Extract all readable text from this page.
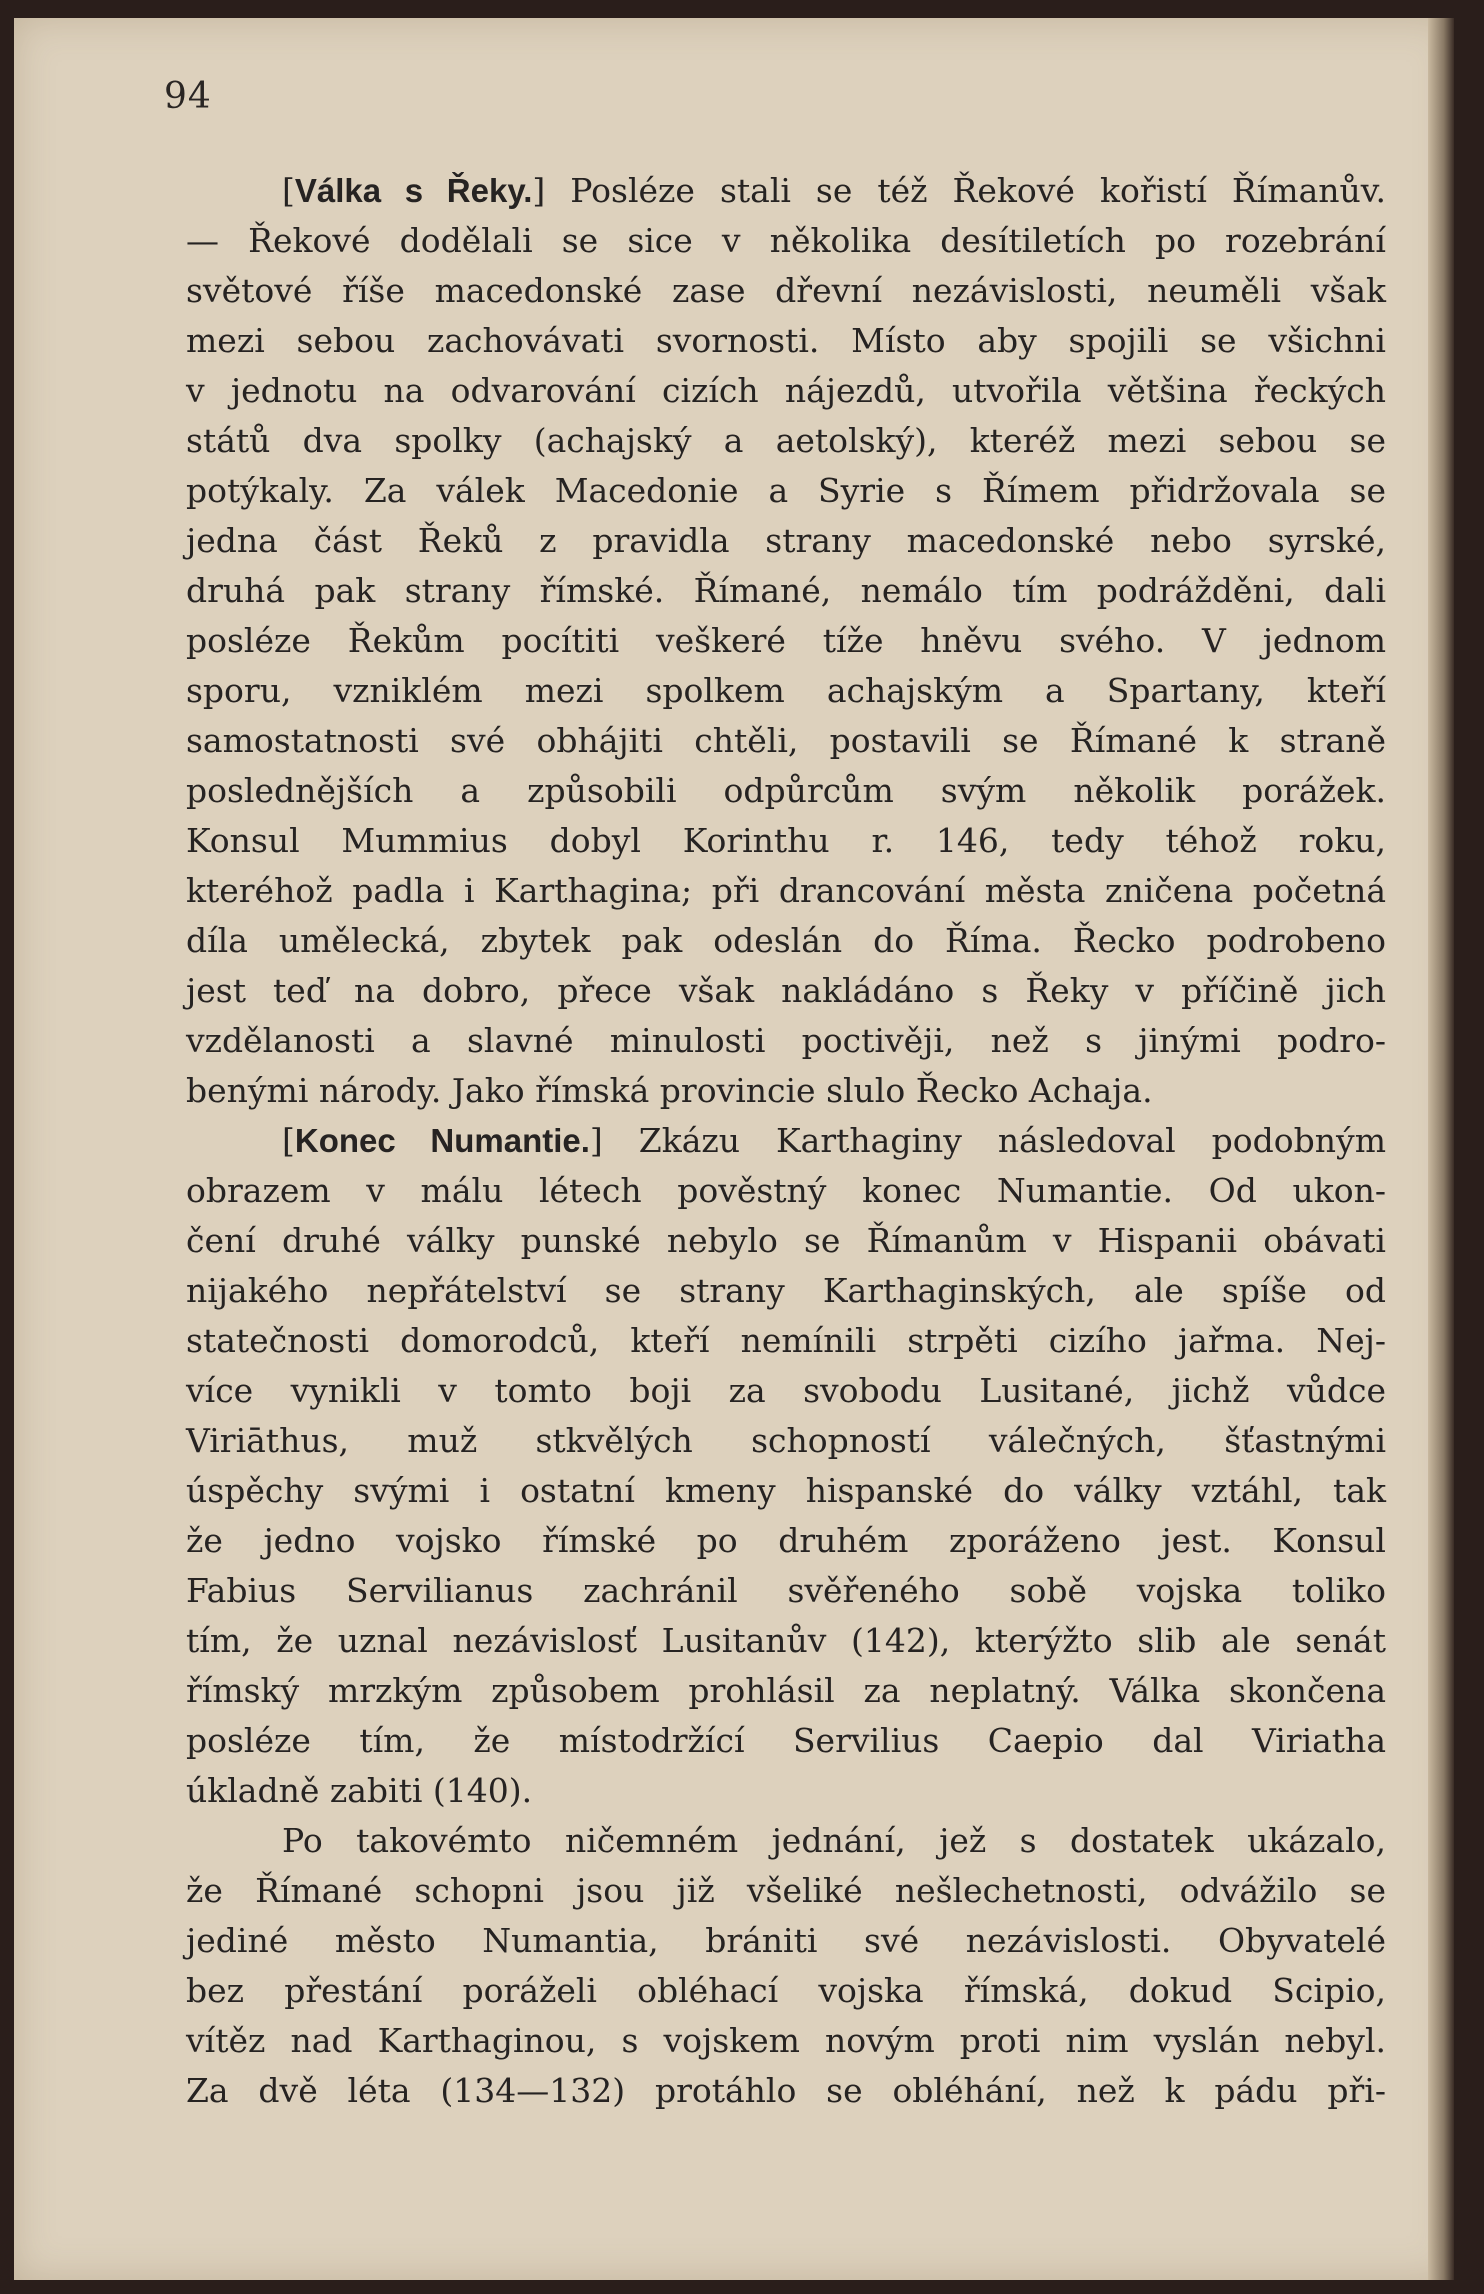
94

[Válka s Řeky.] Posléze stali se též Řekové kořistí Římanův.
— Řekové dodělali se sice v několika desítiletích po rozebrání
světové říše macedonské zase dřevní nezávislosti, neuměli však
mezi sebou zachovávati svornosti. Místo aby spojili se všichni
v jednotu na odvarování cizích nájezdů, utvořila většina řeckých
států dva spolky (achajský a aetolský), kteréž mezi sebou se
potýkaly. Za válek Macedonie a Syrie s Římem přidržovala se
jedna část Řeků z pravidla strany macedonské nebo syrské,
druhá pak strany římské. Římané, nemálo tím podrážděni, dali
posléze Řekům pocítiti veškeré tíže hněvu svého. V jednom
sporu, vzniklém mezi spolkem achajským a Spartany, kteří
samostatnosti své obhájiti chtěli, postavili se Římané k straně
poslednějších a způsobili odpůrcům svým několik porážek.
Konsul Mummius dobyl Korinthu r. 146, tedy téhož roku,
kteréhož padla i Karthagina; při drancování města zničena početná
díla umělecká, zbytek pak odeslán do Říma. Řecko podrobeno
jest teď na dobro, přece však nakládáno s Řeky v příčině jich
vzdělanosti a slavné minulosti poctivěji, než s jinými podro-
benými národy. Jako římská provincie slulo Řecko Achaja.

[Konec Numantie.] Zkázu Karthaginy následoval podobným
obrazem v málu létech pověstný konec Numantie. Od ukon-
čení druhé války punské nebylo se Římanům v Hispanii obávati
nijakého nepřátelství se strany Karthaginských, ale spíše od
statečnosti domorodců, kteří nemínili strpěti cizího jařma. Nej-
více vynikli v tomto boji za svobodu Lusitané, jichž vůdce
Viriāthus, muž stkvělých schopností válečných, šťastnými
úspěchy svými i ostatní kmeny hispanské do války vztáhl, tak
že jedno vojsko římské po druhém zporáženo jest. Konsul
Fabius Servilianus zachránil svěřeného sobě vojska toliko
tím, že uznal nezávislosť Lusitanův (142), kterýžto slib ale senát
římský mrzkým způsobem prohlásil za neplatný. Válka skončena
posléze tím, že místodržící Servilius Caepio dal Viriatha
úkladně zabiti (140).

Po takovémto ničemném jednání, jež s dostatek ukázalo,
že Římané schopni jsou již všeliké nešlechetnosti, odvážilo se
jediné město Numantia, brániti své nezávislosti. Obyvatelé
bez přestání poráželi obléhací vojska římská, dokud Scipio,
vítěz nad Karthaginou, s vojskem novým proti nim vyslán nebyl.
Za dvě léta (134—132) protáhlo se obléhání, než k pádu při-
